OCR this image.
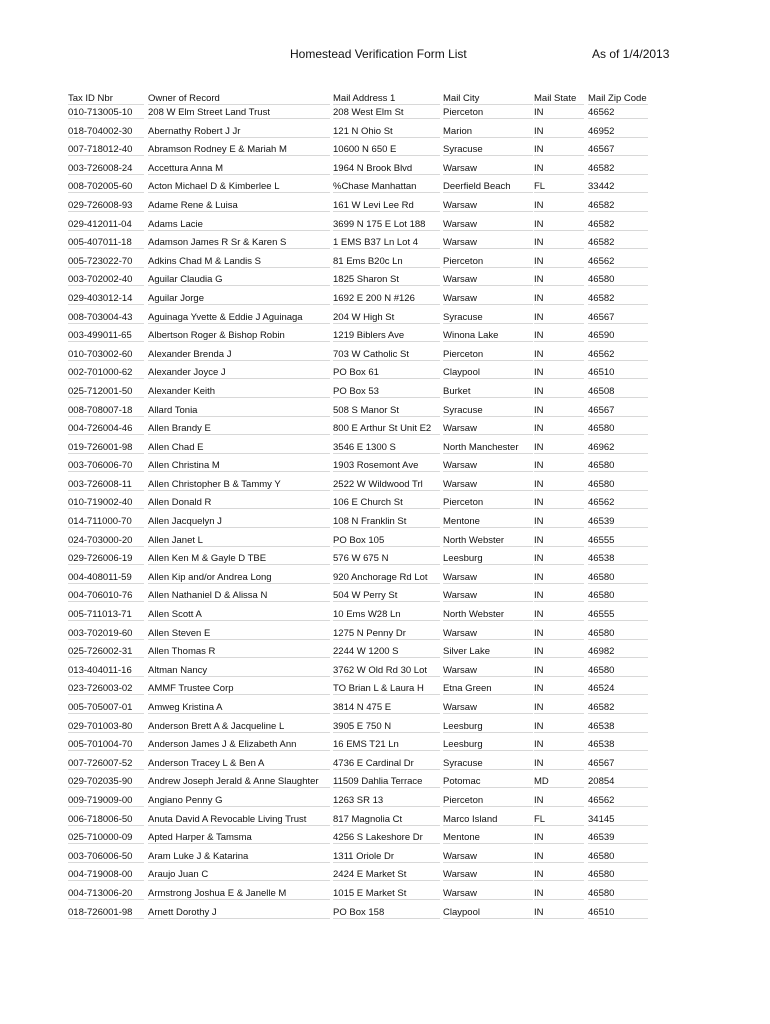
Homestead Verification Form List	As of 1/4/2013
Tax ID Nbr	Owner of Record	Mail Address 1	Mail City	Mail State	Mail Zip Code
010-713005-10	208 W Elm Street Land Trust	208 West Elm St	Pierceton	IN	46562
018-704002-30	Abernathy Robert J Jr	121 N Ohio St	Marion	IN	46952
007-718012-40	Abramson Rodney E & Mariah M	10600 N 650 E	Syracuse	IN	46567
003-726008-24	Accettura Anna M	1964 N Brook Blvd	Warsaw	IN	46582
008-702005-60	Acton Michael D & Kimberlee L	%Chase Manhattan	Deerfield Beach	FL	33442
029-726008-93	Adame Rene & Luisa	161 W Levi Lee Rd	Warsaw	IN	46582
029-412011-04	Adams Lacie	3699 N 175 E Lot 188	Warsaw	IN	46582
005-407011-18	Adamson James R Sr & Karen S	1 EMS B37 Ln Lot 4	Warsaw	IN	46582
005-723022-70	Adkins Chad M & Landis S	81 Ems B20c Ln	Pierceton	IN	46562
003-702002-40	Aguilar Claudia G	1825 Sharon St	Warsaw	IN	46580
029-403012-14	Aguilar Jorge	1692 E 200 N #126	Warsaw	IN	46582
008-703004-43	Aguinaga Yvette & Eddie J Aguinaga	204 W High St	Syracuse	IN	46567
003-499011-65	Albertson Roger & Bishop Robin	1219 Biblers Ave	Winona Lake	IN	46590
010-703002-60	Alexander Brenda J	703 W Catholic St	Pierceton	IN	46562
002-701000-62	Alexander Joyce J	PO Box 61	Claypool	IN	46510
025-712001-50	Alexander Keith	PO Box 53	Burket	IN	46508
008-708007-18	Allard Tonia	508 S Manor St	Syracuse	IN	46567
004-726004-46	Allen Brandy E	800 E Arthur St Unit E2	Warsaw	IN	46580
019-726001-98	Allen Chad E	3546 E 1300 S	North Manchester	IN	46962
003-706006-70	Allen Christina M	1903 Rosemont Ave	Warsaw	IN	46580
003-726008-11	Allen Christopher B & Tammy Y	2522 W Wildwood Trl	Warsaw	IN	46580
010-719002-40	Allen Donald R	106 E Church St	Pierceton	IN	46562
014-711000-70	Allen Jacquelyn J	108 N Franklin St	Mentone	IN	46539
024-703000-20	Allen Janet L	PO Box 105	North Webster	IN	46555
029-726006-19	Allen Ken M & Gayle D TBE	576 W 675 N	Leesburg	IN	46538
004-408011-59	Allen Kip and/or Andrea Long	920 Anchorage Rd Lot	Warsaw	IN	46580
004-706010-76	Allen Nathaniel D & Alissa N	504 W Perry St	Warsaw	IN	46580
005-711013-71	Allen Scott A	10 Ems W28 Ln	North Webster	IN	46555
003-702019-60	Allen Steven E	1275 N Penny Dr	Warsaw	IN	46580
025-726002-31	Allen Thomas R	2244 W 1200 S	Silver Lake	IN	46982
013-404011-16	Altman Nancy	3762 W Old Rd 30 Lot	Warsaw	IN	46580
023-726003-02	AMMF Trustee Corp	TO Brian L & Laura H	Etna Green	IN	46524
005-705007-01	Amweg Kristina A	3814 N 475 E	Warsaw	IN	46582
029-701003-80	Anderson Brett A & Jacqueline L	3905 E 750 N	Leesburg	IN	46538
005-701004-70	Anderson James J & Elizabeth Ann	16 EMS T21 Ln	Leesburg	IN	46538
007-726007-52	Anderson Tracey L & Ben A	4736 E Cardinal Dr	Syracuse	IN	46567
029-702035-90	Andrew Joseph Jerald & Anne Slaughter	11509 Dahlia Terrace	Potomac	MD	20854
009-719009-00	Angiano Penny G	1263 SR 13	Pierceton	IN	46562
006-718006-50	Anuta David A Revocable Living Trust	817 Magnolia Ct	Marco Island	FL	34145
025-710000-09	Apted Harper & Tamsma	4256 S Lakeshore Dr	Mentone	IN	46539
003-706006-50	Aram Luke J & Katarina	1311 Oriole Dr	Warsaw	IN	46580
004-719008-00	Araujo Juan C	2424 E Market St	Warsaw	IN	46580
004-713006-20	Armstrong Joshua E & Janelle M	1015 E Market St	Warsaw	IN	46580
018-726001-98	Arnett Dorothy J	PO Box 158	Claypool	IN	46510
